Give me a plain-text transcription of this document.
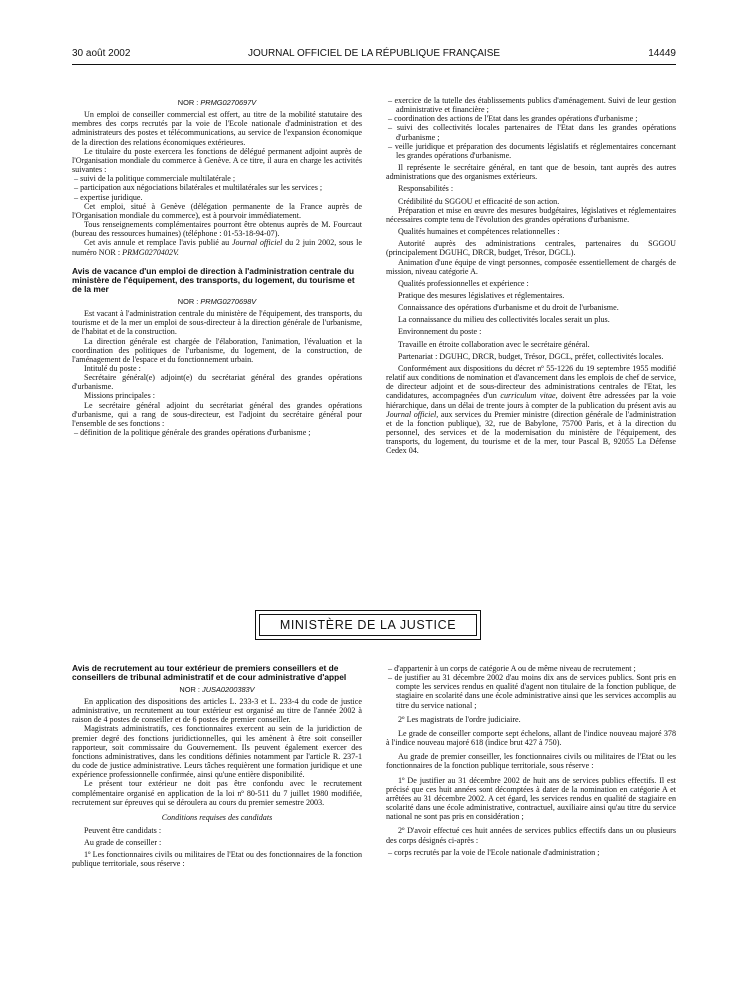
30 août 2002	JOURNAL OFFICIEL DE LA RÉPUBLIQUE FRANÇAISE	14449

NOR : PRMG0270697V

Un emploi de conseiller commercial est offert, au titre de la mobilité statutaire des membres des corps recrutés par la voie de l'Ecole nationale d'administration et des administrateurs des postes et télécommunications, au service de l'expansion économique de la direction des relations économiques extérieures.

Le titulaire du poste exercera les fonctions de délégué permanent adjoint auprès de l'Organisation mondiale du commerce à Genève. A ce titre, il aura en charge les activités suivantes :

– suivi de la politique commerciale multilatérale ;

– participation aux négociations bilatérales et multilatérales sur les services ;

– expertise juridique.

Cet emploi, situé à Genève (délégation permanente de la France auprès de l'Organisation mondiale du commerce), est à pourvoir immédiatement.

Tous renseignements complémentaires pourront être obtenus auprès de M. Fourcaut (bureau des ressources humaines) (téléphone : 01-53-18-94-07).

Cet avis annule et remplace l'avis publié au Journal officiel du 2 juin 2002, sous le numéro NOR : PRMG0270402V.

Avis de vacance d'un emploi de direction à l'administration centrale du ministère de l'équipement, des transports, du logement, du tourisme et de la mer

NOR : PRMG0270698V

Est vacant à l'administration centrale du ministère de l'équipement, des transports, du tourisme et de la mer un emploi de sous-directeur à la direction générale de l'urbanisme, de l'habitat et de la construction.

La direction générale est chargée de l'élaboration, l'animation, l'évaluation et la coordination des politiques de l'urbanisme, du logement, de la construction, de l'aménagement de l'espace et du fonctionnement urbain.

Intitulé du poste :

Secrétaire général(e) adjoint(e) du secrétariat général des grandes opérations d'urbanisme.

Missions principales :

Le secrétaire général adjoint du secrétariat général des grandes opérations d'urbanisme, qui a rang de sous-directeur, est l'adjoint du secrétaire général pour l'ensemble de ses fonctions :

– définition de la politique générale des grandes opérations d'urbanisme ;

– exercice de la tutelle des établissements publics d'aménagement. Suivi de leur gestion administrative et financière ;

– coordination des actions de l'Etat dans les grandes opérations d'urbanisme ;

– suivi des collectivités locales partenaires de l'Etat dans les grandes opérations d'urbanisme ;

– veille juridique et préparation des documents législatifs et réglementaires concernant les grandes opérations d'urbanisme.

Il représente le secrétaire général, en tant que de besoin, tant auprès des autres administrations que des organismes extérieurs.

Responsabilités :

Crédibilité du SGGOU et efficacité de son action.

Préparation et mise en œuvre des mesures budgétaires, législatives et réglementaires nécessaires compte tenu de l'évolution des grandes opérations d'urbanisme.

Qualités humaines et compétences relationnelles :

Autorité auprès des administrations centrales, partenaires du SGGOU (principalement DGUHC, DRCR, budget, Trésor, DGCL).

Animation d'une équipe de vingt personnes, composée essentiellement de chargés de mission, niveau catégorie A.

Qualités professionnelles et expérience :

Pratique des mesures législatives et réglementaires.

Connaissance des opérations d'urbanisme et du droit de l'urbanisme.

La connaissance du milieu des collectivités locales serait un plus.

Environnement du poste :

Travaille en étroite collaboration avec le secrétaire général.

Partenariat : DGUHC, DRCR, budget, Trésor, DGCL, préfet, collectivités locales.

Conformément aux dispositions du décret nº 55-1226 du 19 septembre 1955 modifié relatif aux conditions de nomination et d'avancement dans les emplois de chef de service, de directeur adjoint et de sous-directeur des administrations centrales de l'Etat, les candidatures, accompagnées d'un curriculum vitae, doivent être adressées par la voie hiérarchique, dans un délai de trente jours à compter de la publication du présent avis au Journal officiel, aux services du Premier ministre (direction générale de l'administration et de la fonction publique), 32, rue de Babylone, 75700 Paris, et à la direction du personnel, des services et de la modernisation du ministère de l'équipement, des transports, du logement, du tourisme et de la mer, tour Pascal B, 92055 La Défense Cedex 04.

MINISTÈRE DE LA JUSTICE

Avis de recrutement au tour extérieur de premiers conseillers et de conseillers de tribunal administratif et de cour administrative d'appel

NOR : JUSA0200383V

En application des dispositions des articles L. 233-3 et L. 233-4 du code de justice administrative, un recrutement au tour extérieur est organisé au titre de l'année 2002 à raison de 4 postes de conseiller et de 6 postes de premier conseiller.

Magistrats administratifs, ces fonctionnaires exercent au sein de la juridiction de premier degré des fonctions juridictionnelles, qui les amènent à être soit conseiller rapporteur, soit commissaire du Gouvernement. Ils peuvent également exercer des fonctions administratives, dans les conditions définies notamment par l'article R. 237-1 du code de justice administrative. Leurs tâches requièrent une formation juridique et une expérience professionnelle confirmée, ainsi qu'une entière disponibilité.

Le présent tour extérieur ne doit pas être confondu avec le recrutement complémentaire organisé en application de la loi nº 80-511 du 7 juillet 1980 modifiée, recrutement sur épreuves qui se déroulera au cours du premier semestre 2003.

Conditions requises des candidats

Peuvent être candidats :

Au grade de conseiller :

1º Les fonctionnaires civils ou militaires de l'Etat ou des fonctionnaires de la fonction publique territoriale, sous réserve :

– d'appartenir à un corps de catégorie A ou de même niveau de recrutement ;

– de justifier au 31 décembre 2002 d'au moins dix ans de services publics. Sont pris en compte les services rendus en qualité d'agent non titulaire de la fonction publique, de stagiaire en scolarité dans une école administrative ainsi que les services accomplis au titre du service national ;

2º Les magistrats de l'ordre judiciaire.

Le grade de conseiller comporte sept échelons, allant de l'indice nouveau majoré 378 à l'indice nouveau majoré 618 (indice brut 427 à 750).

Au grade de premier conseiller, les fonctionnaires civils ou militaires de l'Etat ou les fonctionnaires de la fonction publique territoriale, sous réserve :

1º De justifier au 31 décembre 2002 de huit ans de services publics effectifs. Il est précisé que ces huit années sont décomptées à dater de la nomination en catégorie A et arrêtées au 31 décembre 2002. A cet égard, les services rendus en qualité de stagiaire en scolarité dans une école administrative, contractuel, auxiliaire ainsi qu'au titre du service national ne sont pas pris en considération ;

2º D'avoir effectué ces huit années de services publics effectifs dans un ou plusieurs des corps désignés ci-après :

– corps recrutés par la voie de l'Ecole nationale d'administration ;
